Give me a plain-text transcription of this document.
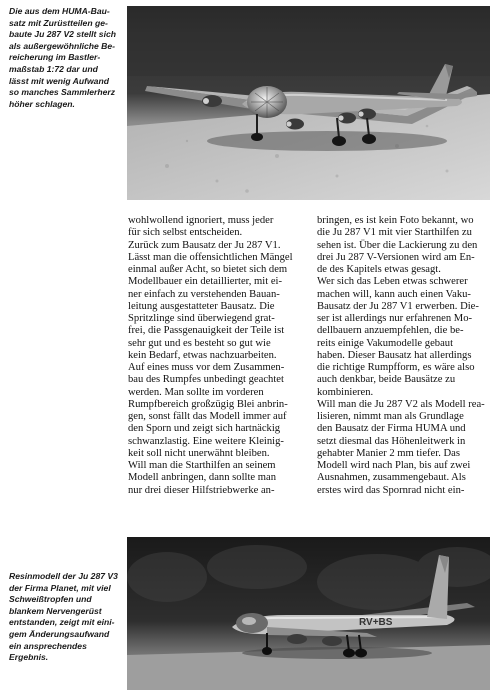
Die aus dem HUMA-Bau-
satz mit Zurüstteilen ge-
baute Ju 287 V2 stellt sich
als außergewöhnliche Be-
reicherung im Bastler-
maßstab 1:72 dar und
lässt mit wenig Aufwand
so manches Sammlerherz
höher schlagen.
wohlwollend ignoriert, muss jeder
für sich selbst entscheiden.
Zurück zum Bausatz der Ju 287 V1.
Lässt man die offensichtlichen Mängel
einmal außer Acht, so bietet sich dem
Modellbauer ein detaillierter, mit ei-
ner einfach zu verstehenden Bauan-
leitung ausgestatteter Bausatz. Die
Spritzlinge sind überwiegend grat-
frei, die Passgenauigkeit der Teile ist
sehr gut und es besteht so gut wie
kein Bedarf, etwas nachzuarbeiten.
Auf eines muss vor dem Zusammen-
bau des Rumpfes unbedingt geachtet
werden. Man sollte im vorderen
Rumpfbereich großzügig Blei anbrin-
gen, sonst fällt das Modell immer auf
den Sporn und zeigt sich hartnäckig
schwanzlastig. Eine weitere Kleinig-
keit soll nicht unerwähnt bleiben.
Will man die Starthilfen an seinem
Modell anbringen, dann sollte man
nur drei dieser Hilfstriebwerke an-
bringen, es ist kein Foto bekannt, wo
die Ju 287 V1 mit vier Starthilfen zu
sehen ist. Über die Lackierung zu den
drei Ju 287 V-Versionen wird am En-
de des Kapitels etwas gesagt.
Wer sich das Leben etwas schwerer
machen will, kann auch einen Vaku-
Bausatz der Ju 287 V1 erwerben. Die-
ser ist allerdings nur erfahrenen Mo-
dellbauern anzuempfehlen, die be-
reits einige Vakumodelle gebaut
haben. Dieser Bausatz hat allerdings
die richtige Rumpfform, es wäre also
auch denkbar, beide Bausätze zu
kombinieren.
Will man die Ju 287 V2 als Modell rea-
lisieren, nimmt man als Grundlage
den Bausatz der Firma HUMA und
setzt diesmal das Höhenleitwerk in
gehabter Manier 2 mm tiefer. Das
Modell wird nach Plan, bis auf zwei
Ausnahmen, zusammengebaut. Als
erstes wird das Spornrad nicht ein-
RV+BS
Resinmodell der Ju 287 V3
der Firma Planet, mit viel
Schweißtropfen und
blankem Nervengerüst
entstanden, zeigt mit eini-
gem Änderungsaufwand
ein ansprechendes
Ergebnis.
